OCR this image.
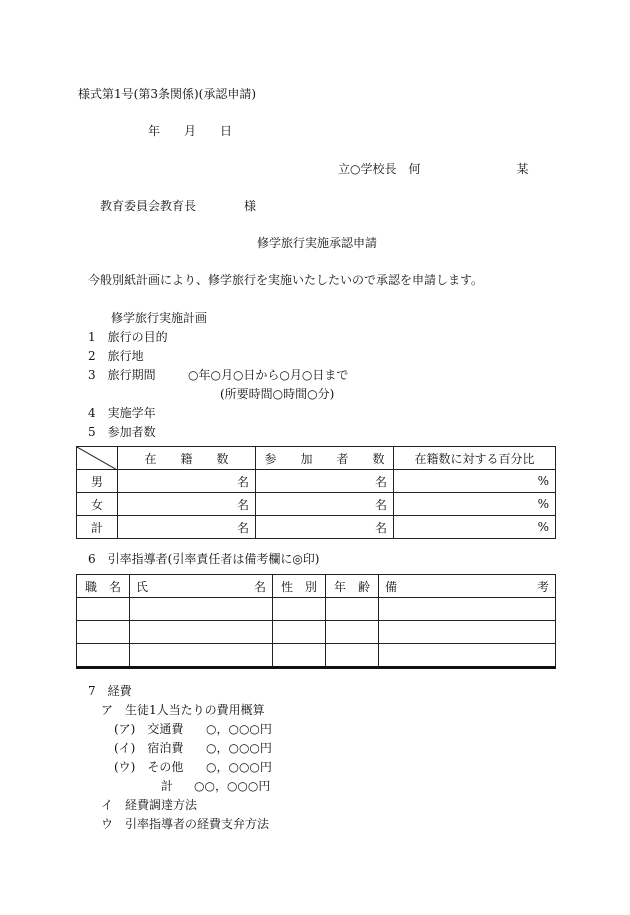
様式第1号(第3条関係)(承認申請)
年　　月　　日
立○学校長　何　　　　　　　　某
教育委員会教育長　　　　様
修学旅行実施承認申請
今般別紙計画により、修学旅行を実施いたしたいので承認を申請します。
修学旅行実施計画
1　旅行の目的
2　旅行地
3　旅行期間	○年○月○日から○月○日まで
(所要時間○時間○分)
4　実施学年
5　参加者数
	在　　籍　　数	参　　加　　者　　数	在籍数に対する百分比
男	名	名	%
女	名	名	%
計	名	名	%
6　引率指導者(引率責任者は備考欄に◎印)
職　名	氏 名	性　別	年　齢	備 考

7　経費
ア　生徒1人当たりの費用概算
(ア)　交通費 ○，○○○円
(イ)　宿泊費 ○，○○○円
(ウ)　その他 ○，○○○円
計 ○○，○○○円
イ　経費調達方法
ウ　引率指導者の経費支弁方法
